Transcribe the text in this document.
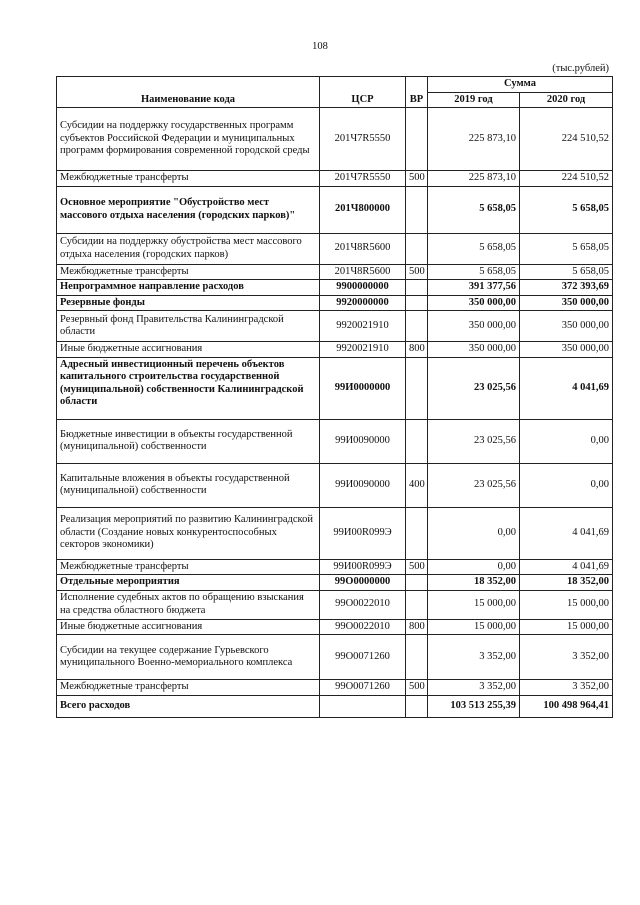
108
(тыс.рублей)
Наименование кода	ЦСР	ВР	Сумма	
			2019 год	2020 год
Субсидии на поддержку государственных программ субъектов Российской Федерации и муниципальных программ формирования современной городской среды	201Ч7R5550		225 873,10	224 510,52
Межбюджетные трансферты	201Ч7R5550	500	225 873,10	224 510,52
Основное мероприятие "Обустройство мест массового отдыха населения (городских парков)"	201Ч800000		5 658,05	5 658,05
Субсидии на поддержку обустройства мест массового отдыха населения (городских парков)	201Ч8R5600		5 658,05	5 658,05
Межбюджетные трансферты	201Ч8R5600	500	5 658,05	5 658,05
Непрограммное направление расходов	9900000000		391 377,56	372 393,69
Резервные фонды	9920000000		350 000,00	350 000,00
Резервный фонд Правительства Калининградской области	9920021910		350 000,00	350 000,00
Иные бюджетные ассигнования	9920021910	800	350 000,00	350 000,00
Адресный инвестиционный перечень объектов капитального строительства государственной (муниципальной) собственности Калининградской области	99И0000000		23 025,56	4 041,69
Бюджетные инвестиции в объекты государственной (муниципальной) собственности	99И0090000		23 025,56	0,00
Капитальные вложения в объекты государственной (муниципальной) собственности	99И0090000	400	23 025,56	0,00
Реализация мероприятий по развитию Калининградской области (Создание новых конкурентоспособных секторов экономики)	99И00R099Э		0,00	4 041,69
Межбюджетные трансферты	99И00R099Э	500	0,00	4 041,69
Отдельные мероприятия	99О0000000		18 352,00	18 352,00
Исполнение судебных актов по обращению взыскания на средства областного бюджета	99О0022010		15 000,00	15 000,00
Иные бюджетные ассигнования	99О0022010	800	15 000,00	15 000,00
Субсидии на текущее содержание Гурьевского муниципального Военно-мемориального комплекса	99О0071260		3 352,00	3 352,00
Межбюджетные трансферты	99О0071260	500	3 352,00	3 352,00
Всего расходов			103 513 255,39	100 498 964,41
